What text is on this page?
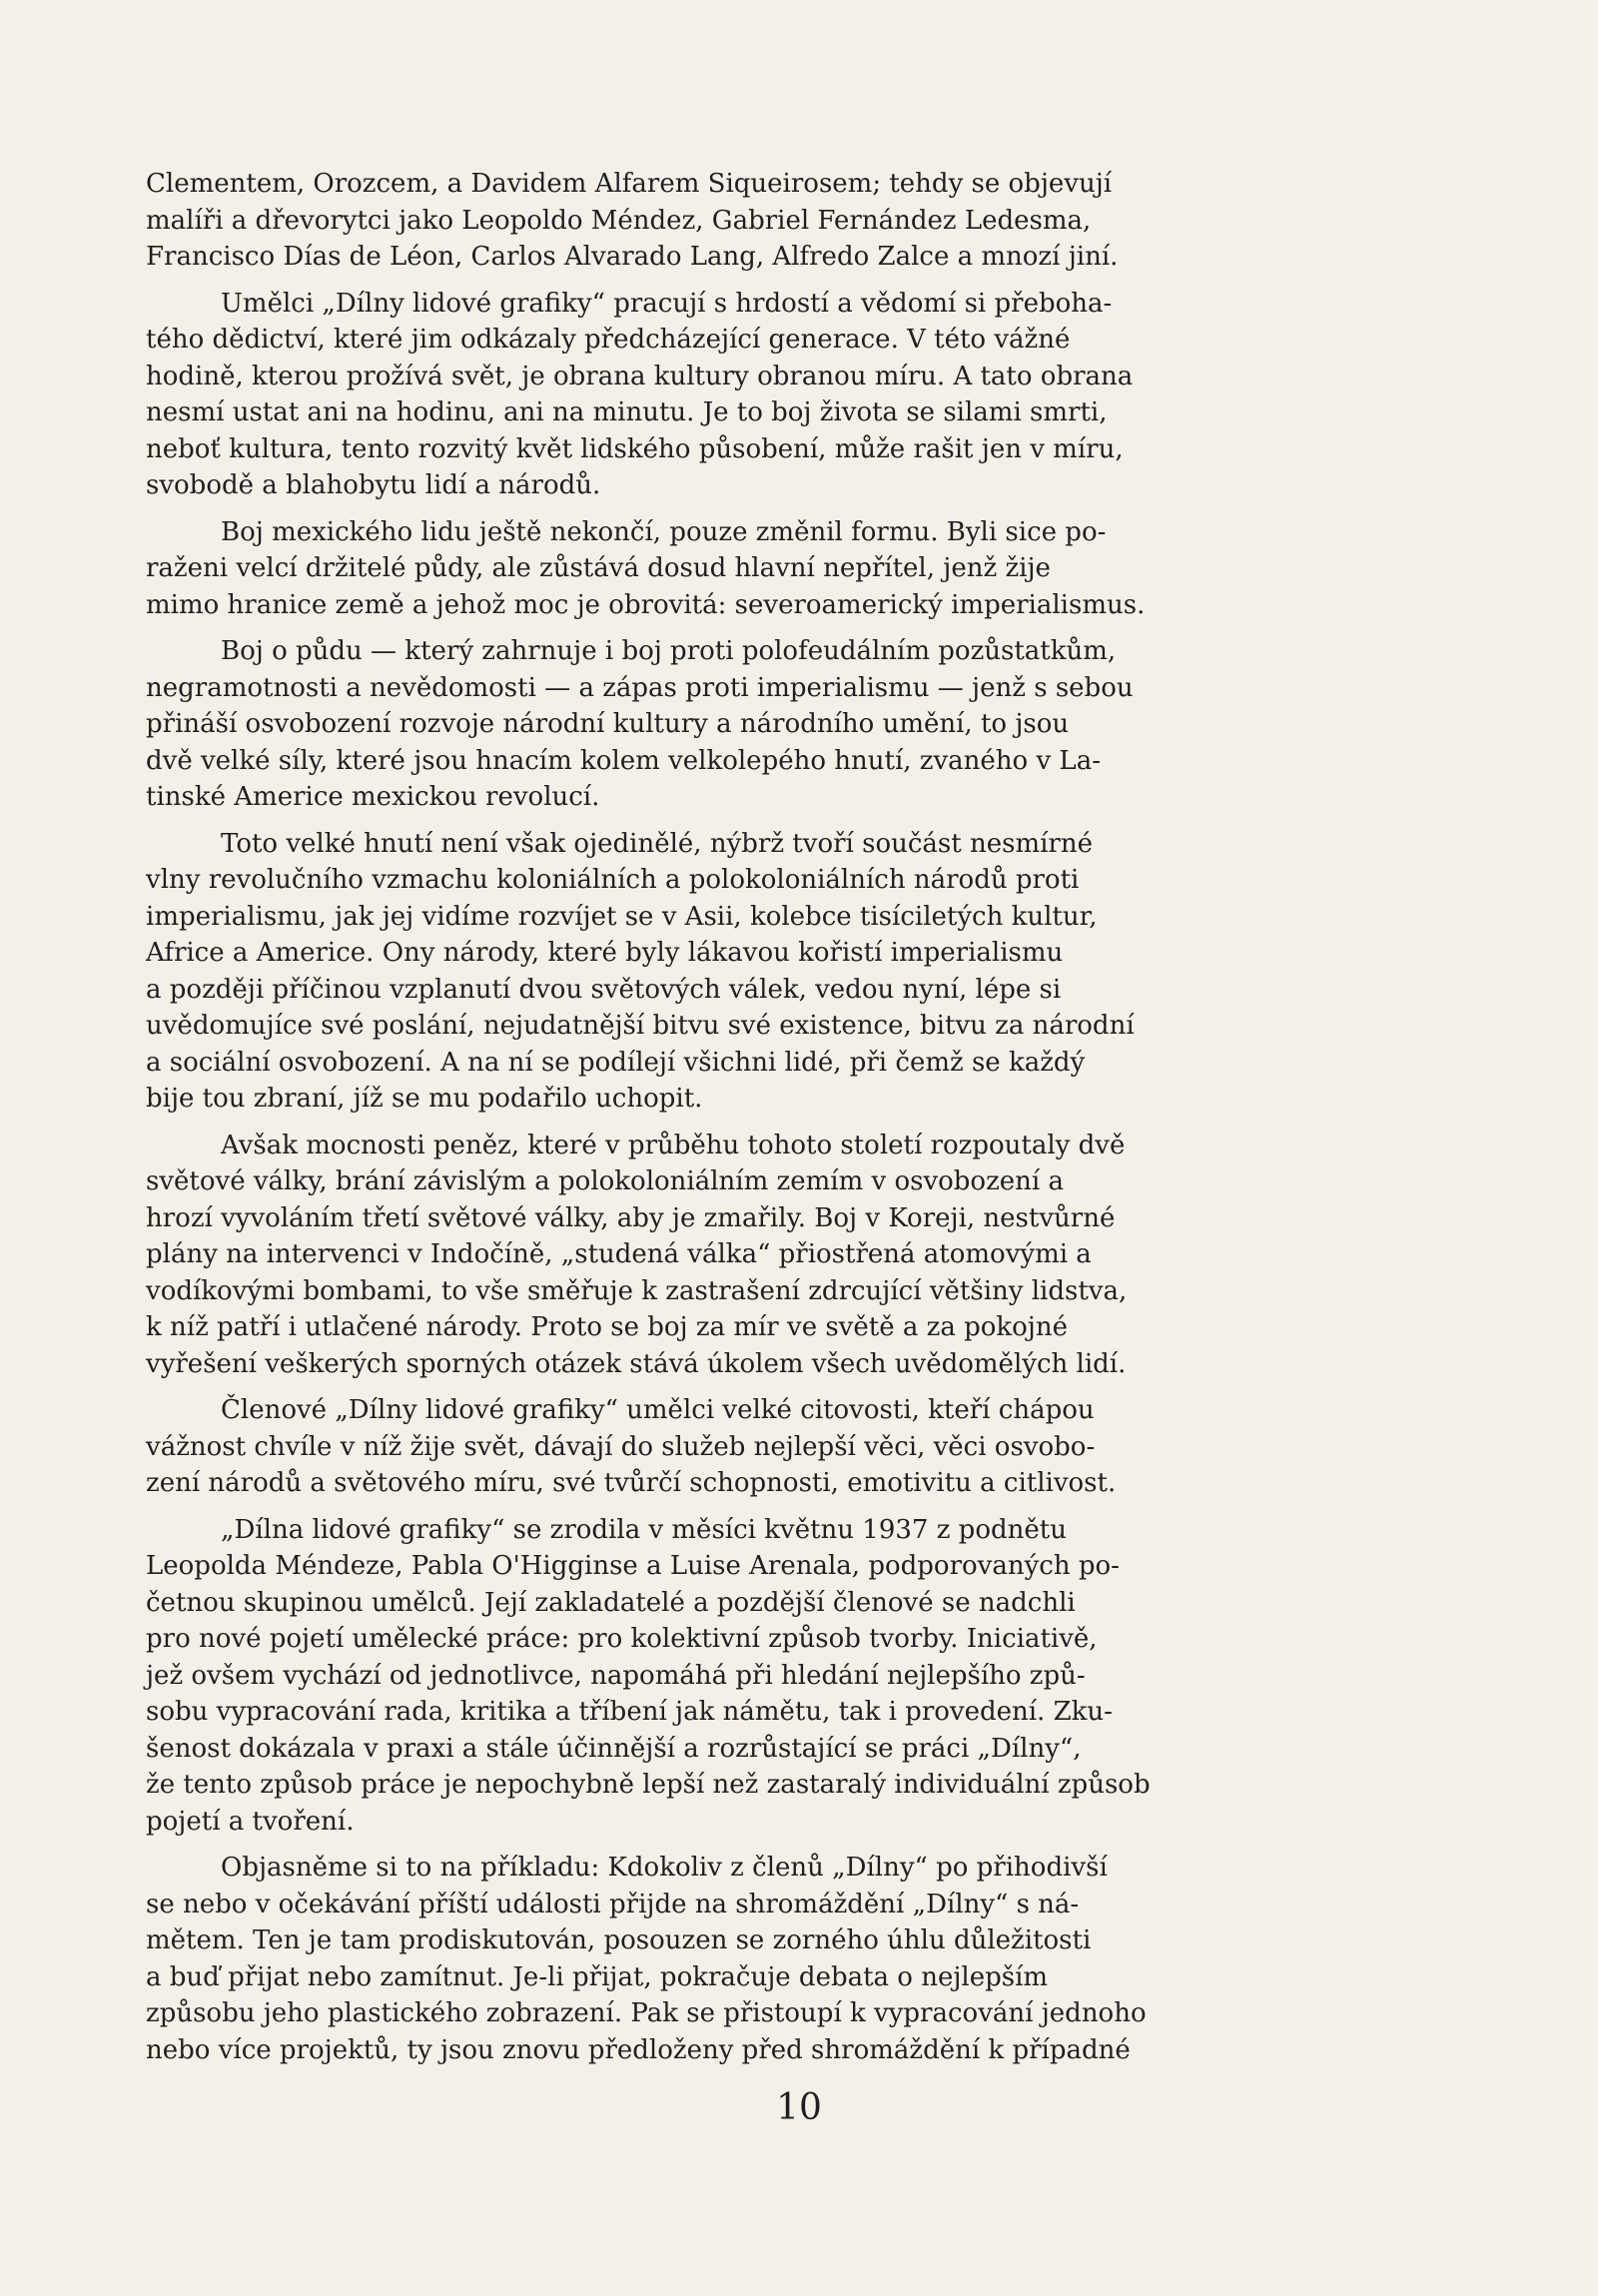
Clementem, Orozcem, a Davidem Alfarem Siqueirosem; tehdy se objevují
malíři a dřevorytci jako Leopoldo Méndez, Gabriel Fernández Ledesma,
Francisco Días de Léon, Carlos Alvarado Lang, Alfredo Zalce a mnozí jiní.
Umělci „Dílny lidové grafiky“ pracují s hrdostí a vědomí si přeboha-
tého dědictví, které jim odkázaly předcházející generace. V této vážné
hodině, kterou prožívá svět, je obrana kultury obranou míru. A tato obrana
nesmí ustat ani na hodinu, ani na minutu. Je to boj života se silami smrti,
neboť kultura, tento rozvitý květ lidského působení, může rašit jen v míru,
svobodě a blahobytu lidí a národů.
Boj mexického lidu ještě nekončí, pouze změnil formu. Byli sice po-
raženi velcí držitelé půdy, ale zůstává dosud hlavní nepřítel, jenž žije
mimo hranice země a jehož moc je obrovitá: severoamerický imperialismus.
Boj o půdu — který zahrnuje i boj proti polofeudálním pozůstatkům,
negramotnosti a nevědomosti — a zápas proti imperialismu — jenž s sebou
přináší osvobození rozvoje národní kultury a národního umění, to jsou
dvě velké síly, které jsou hnacím kolem velkolepého hnutí, zvaného v La-
tinské Americe mexickou revolucí.
Toto velké hnutí není však ojedinělé, nýbrž tvoří součást nesmírné
vlny revolučního vzmachu koloniálních a polokoloniálních národů proti
imperialismu, jak jej vidíme rozvíjet se v Asii, kolebce tisíciletých kultur,
Africe a Americe. Ony národy, které byly lákavou kořistí imperialismu
a později příčinou vzplanutí dvou světových válek, vedou nyní, lépe si
uvědomujíce své poslání, nejudatnější bitvu své existence, bitvu za národní
a sociální osvobození. A na ní se podílejí všichni lidé, při čemž se každý
bije tou zbraní, jíž se mu podařilo uchopit.
Avšak mocnosti peněz, které v průběhu tohoto století rozpoutaly dvě
světové války, brání závislým a polokoloniálním zemím v osvobození a
hrozí vyvoláním třetí světové války, aby je zmařily. Boj v Koreji, nestvůrné
plány na intervenci v Indočíně, „studená válka“ přiostřená atomovými a
vodíkovými bombami, to vše směřuje k zastrašení zdrcující většiny lidstva,
k níž patří i utlačené národy. Proto se boj za mír ve světě a za pokojné
vyřešení veškerých sporných otázek stává úkolem všech uvědomělých lidí.
Členové „Dílny lidové grafiky“ umělci velké citovosti, kteří chápou
vážnost chvíle v níž žije svět, dávají do služeb nejlepší věci, věci osvobo-
zení národů a světového míru, své tvůrčí schopnosti, emotivitu a citlivost.
„Dílna lidové grafiky“ se zrodila v měsíci květnu 1937 z podnětu
Leopolda Méndeze, Pabla O'Higginse a Luise Arenala, podporovaných po-
četnou skupinou umělců. Její zakladatelé a pozdější členové se nadchli
pro nové pojetí umělecké práce: pro kolektivní způsob tvorby. Iniciativě,
jež ovšem vychází od jednotlivce, napomáhá při hledání nejlepšího způ-
sobu vypracování rada, kritika a tříbení jak námětu, tak i provedení. Zku-
šenost dokázala v praxi a stále účinnější a rozrůstající se práci „Dílny“,
že tento způsob práce je nepochybně lepší než zastaralý individuální způsob
pojetí a tvoření.
Objasněme si to na příkladu: Kdokoliv z členů „Dílny“ po přihodivší
se nebo v očekávání příští události přijde na shromáždění „Dílny“ s ná-
mětem. Ten je tam prodiskutován, posouzen se zorného úhlu důležitosti
a buď přijat nebo zamítnut. Je-li přijat, pokračuje debata o nejlepším
způsobu jeho plastického zobrazení. Pak se přistoupí k vypracování jednoho
nebo více projektů, ty jsou znovu předloženy před shromáždění k případné
10
